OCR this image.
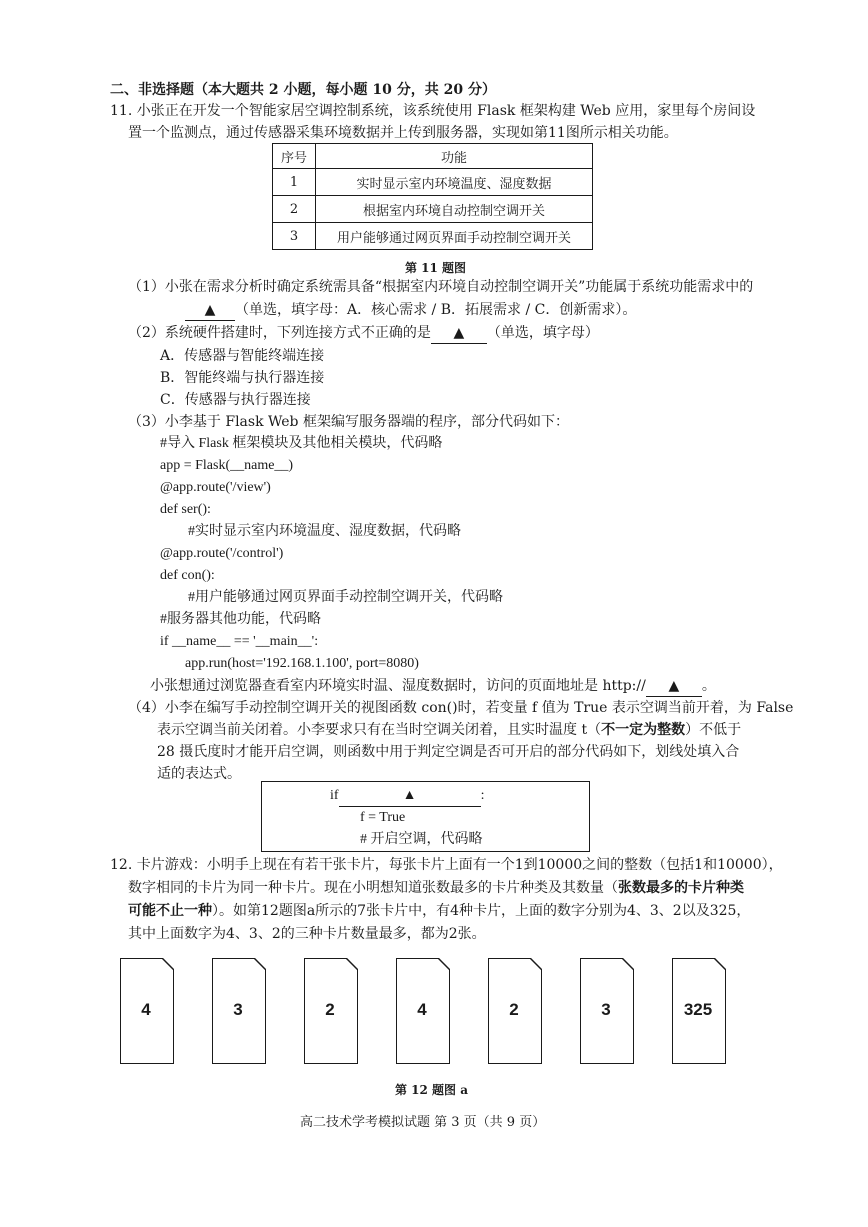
二、非选择题（本大题共 2 小题，每小题 10 分，共 20 分）
11. 小张正在开发一个智能家居空调控制系统，该系统使用 Flask 框架构建 Web 应用，家里每个房间设
置一个监测点，通过传感器采集环境数据并上传到服务器，实现如第11图所示相关功能。
序号	功能
1	实时显示室内环境温度、湿度数据
2	根据室内环境自动控制空调开关
3	用户能够通过网页界面手动控制空调开关
第 11 题图
（1）小张在需求分析时确定系统需具备“根据室内环境自动控制空调开关”功能属于系统功能需求中的
▲ （单选，填字母：A．核心需求 / B．拓展需求 / C．创新需求）。
（2）系统硬件搭建时，下列连接方式不正确的是 ▲ （单选，填字母）
A．传感器与智能终端连接
B．智能终端与执行器连接
C．传感器与执行器连接
（3）小李基于 Flask Web 框架编写服务器端的程序，部分代码如下：
#导入 Flask 框架模块及其他相关模块，代码略
app = Flask(__name__)
@app.route('/view')
def ser():
#实时显示室内环境温度、湿度数据，代码略
@app.route('/control')
def con():
#用户能够通过网页界面手动控制空调开关，代码略
#服务器其他功能，代码略
if __name__ == '__main__':
app.run(host='192.168.1.100', port=8080)
小张想通过浏览器查看室内环境实时温、湿度数据时，访问的页面地址是 http:// ▲ 。
（4）小李在编写手动控制空调开关的视图函数 con()时，若变量 f 值为 True 表示空调当前开着，为 False
表示空调当前关闭着。小李要求只有在当时空调关闭着，且实时温度 t（不一定为整数）不低于
28 摄氏度时才能开启空调，则函数中用于判定空调是否可开启的部分代码如下，划线处填入合
适的表达式。
if	▲	:
f = True
# 开启空调，代码略
12. 卡片游戏：小明手上现在有若干张卡片，每张卡片上面有一个1到10000之间的整数（包括1和10000），
数字相同的卡片为同一种卡片。现在小明想知道张数最多的卡片种类及其数量（张数最多的卡片种类
可能不止一种）。如第12题图a所示的7张卡片中，有4种卡片，上面的数字分别为4、3、2以及325，
其中上面数字为4、3、2的三种卡片数量最多，都为2张。
4	3	2	4	2	3	325
第 12 题图 a
高二技术学考模拟试题 第 3 页（共 9 页）
